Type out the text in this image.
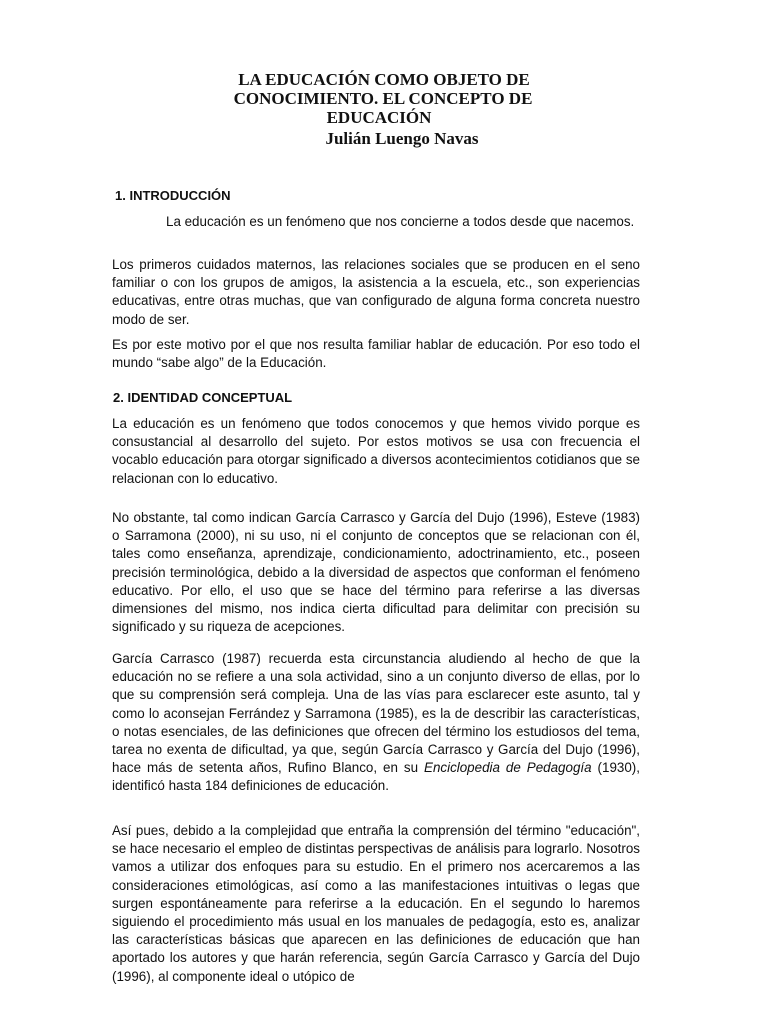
LA EDUCACIÓN COMO OBJETO DE
CONOCIMIENTO. EL CONCEPTO DE
EDUCACIÓN
Julián Luengo Navas
1. INTRODUCCIÓN
La educación es un fenómeno que nos concierne a todos desde que nacemos.
Los primeros cuidados maternos, las relaciones sociales que se producen en el seno familiar o con los grupos de amigos, la asistencia a la escuela, etc., son experiencias educativas, entre otras muchas, que van configurado de alguna forma concreta nuestro modo de ser.
Es por este motivo por el que nos resulta familiar hablar de educación. Por eso todo el mundo “sabe algo” de la Educación.
2. IDENTIDAD CONCEPTUAL
La educación es un fenómeno que todos conocemos y que hemos vivido porque es consustancial al desarrollo del sujeto. Por estos motivos se usa con frecuencia el vocablo educación para otorgar significado a diversos acontecimientos cotidianos que se relacionan con lo educativo.
No obstante, tal como indican García Carrasco y García del Dujo (1996), Esteve (1983) o Sarramona (2000), ni su uso, ni el conjunto de conceptos que se relacionan con él, tales como enseñanza, aprendizaje, condicionamiento, adoctrinamiento, etc., poseen precisión terminológica, debido a la diversidad de aspectos que conforman el fenómeno educativo. Por ello, el uso que se hace del término para referirse a las diversas dimensiones del mismo, nos indica cierta dificultad para delimitar con precisión su significado y su riqueza de acepciones.
García Carrasco (1987) recuerda esta circunstancia aludiendo al hecho de que la educación no se refiere a una sola actividad, sino a un conjunto diverso de ellas, por lo que su comprensión será compleja. Una de las vías para esclarecer este asunto, tal y como lo aconsejan Ferrández y Sarramona (1985), es la de describir las características, o notas esenciales, de las definiciones que ofrecen del término los estudiosos del tema, tarea no exenta de dificultad, ya que, según García Carrasco y García del Dujo (1996), hace más de setenta años, Rufino Blanco, en su Enciclopedia de Pedagogía (1930), identificó hasta 184 definiciones de educación.
Así pues, debido a la complejidad que entraña la comprensión del término "educación", se hace necesario el empleo de distintas perspectivas de análisis para lograrlo. Nosotros vamos a utilizar dos enfoques para su estudio. En el primero nos acercaremos a las consideraciones etimológicas, así como a las manifestaciones intuitivas o legas que surgen espontáneamente para referirse a la educación. En el segundo lo haremos siguiendo el procedimiento más usual en los manuales de pedagogía, esto es, analizar las características básicas que aparecen en las definiciones de educación que han aportado los autores y que harán referencia, según García Carrasco y García del Dujo (1996), al componente ideal o utópico de
